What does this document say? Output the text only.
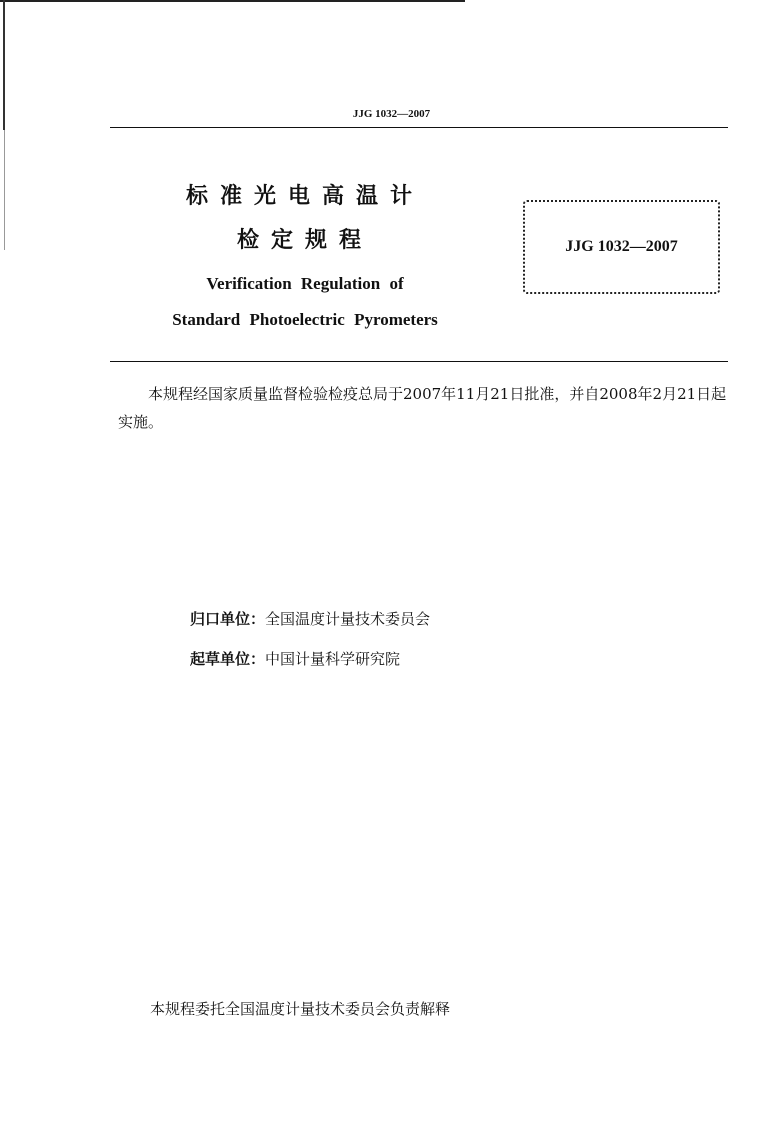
JJG 1032—2007
标准光电高温计
检定规程
Verification Regulation of
Standard Photoelectric Pyrometers
JJG 1032—2007
本规程经国家质量监督检验检疫总局于2007年11月21日批准，并自2008年2月21日起实施。
归口单位：全国温度计量技术委员会
起草单位：中国计量科学研究院
本规程委托全国温度计量技术委员会负责解释
